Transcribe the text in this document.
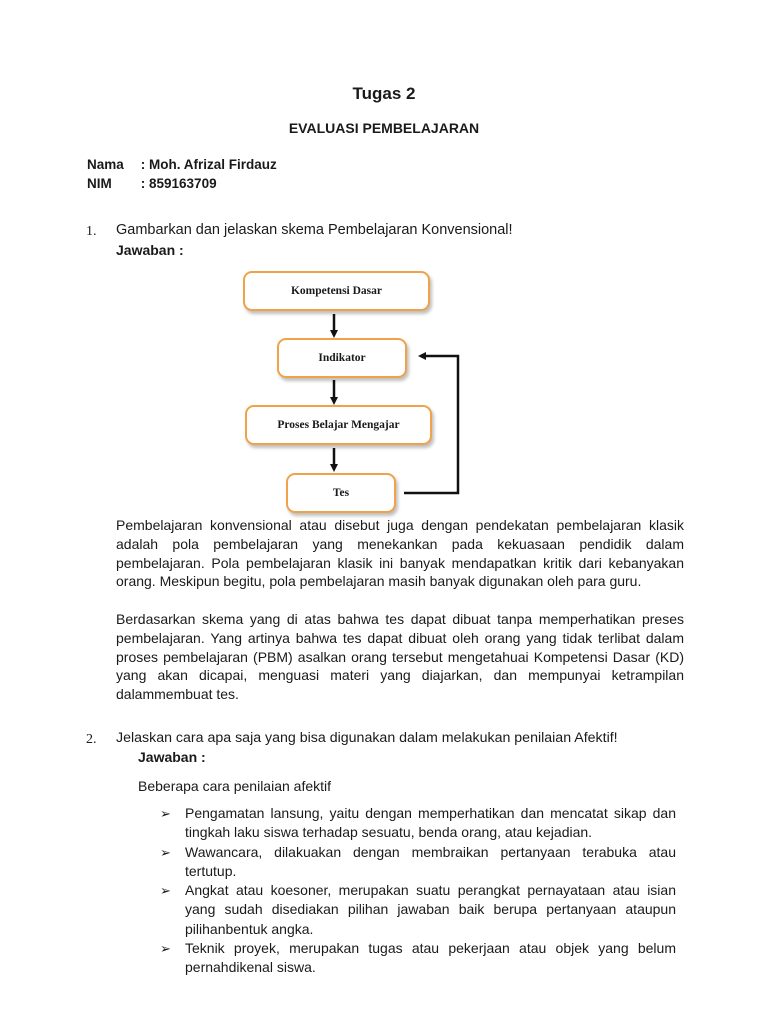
Tugas 2
EVALUASI PEMBELAJARAN
Nama : Moh. Afrizal Firdauz
NIM : 859163709
1. Gambarkan dan jelaskan skema Pembelajaran Konvensional!
Jawaban :
Kompetensi Dasar
Indikator
Proses Belajar Mengajar
Tes

Pembelajaran konvensional atau disebut juga dengan pendekatan pembelajaran klasik adalah pola pembelajaran yang menekankan pada kekuasaan pendidik dalam pembelajaran. Pola pembelajaran klasik ini banyak mendapatkan kritik dari kebanyakan orang. Meskipun begitu, pola pembelajaran masih banyak digunakan oleh para guru.

Berdasarkan skema yang di atas bahwa tes dapat dibuat tanpa memperhatikan preses pembelajaran. Yang artinya bahwa tes dapat dibuat oleh orang yang tidak terlibat dalam proses pembelajaran (PBM) asalkan orang tersebut mengetahuai Kompetensi Dasar (KD) yang akan dicapai, menguasi materi yang diajarkan, dan mempunyai ketrampilan dalammembuat tes.

2. Jelaskan cara apa saja yang bisa digunakan dalam melakukan penilaian Afektif!
Jawaban :
Beberapa cara penilaian afektif
➢ Pengamatan lansung, yaitu dengan memperhatikan dan mencatat sikap dan tingkah laku siswa terhadap sesuatu, benda orang, atau kejadian.
➢ Wawancara, dilakuakan dengan membraikan pertanyaan terabuka atau tertutup.
➢ Angkat atau koesoner, merupakan suatu perangkat pernayataan atau isian yang sudah disediakan pilihan jawaban baik berupa pertanyaan ataupun pilihanbentuk angka.
➢ Teknik proyek, merupakan tugas atau pekerjaan atau objek yang belum pernahdikenal siswa.
